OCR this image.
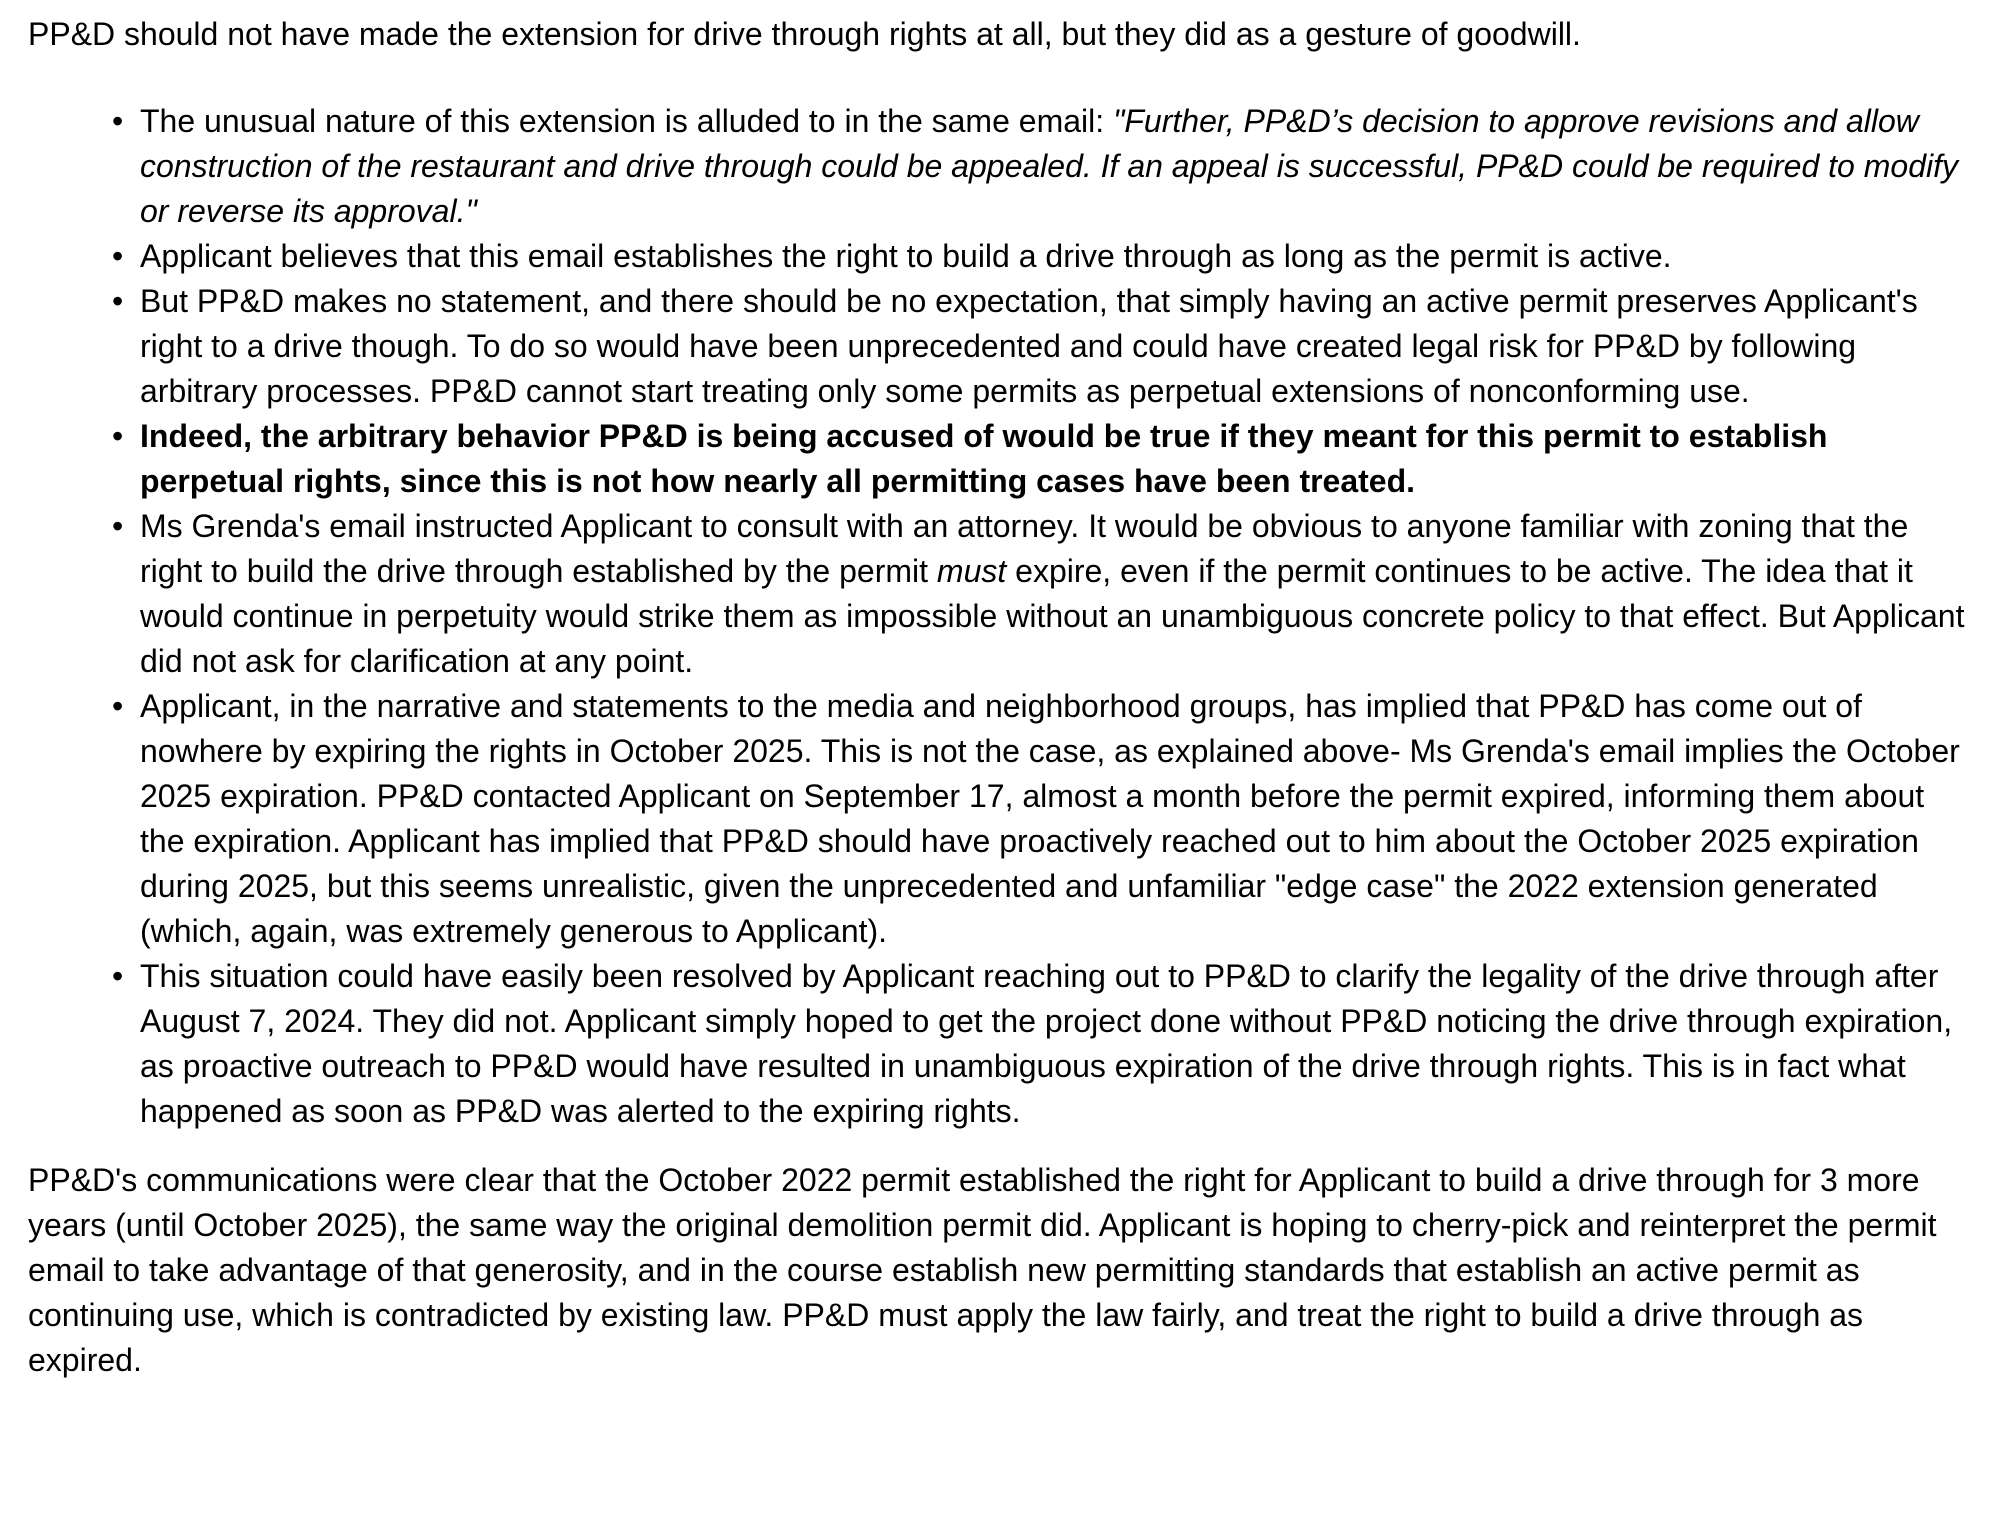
PP&D should not have made the extension for drive through rights at all, but they did as a gesture of goodwill.

• The unusual nature of this extension is alluded to in the same email: "Further, PP&D’s decision to approve revisions and allow construction of the restaurant and drive through could be appealed. If an appeal is successful, PP&D could be required to modify or reverse its approval."
• Applicant believes that this email establishes the right to build a drive through as long as the permit is active.
• But PP&D makes no statement, and there should be no expectation, that simply having an active permit preserves Applicant's right to a drive though. To do so would have been unprecedented and could have created legal risk for PP&D by following arbitrary processes. PP&D cannot start treating only some permits as perpetual extensions of nonconforming use.
• Indeed, the arbitrary behavior PP&D is being accused of would be true if they meant for this permit to establish perpetual rights, since this is not how nearly all permitting cases have been treated.
• Ms Grenda's email instructed Applicant to consult with an attorney. It would be obvious to anyone familiar with zoning that the right to build the drive through established by the permit must expire, even if the permit continues to be active. The idea that it would continue in perpetuity would strike them as impossible without an unambiguous concrete policy to that effect. But Applicant did not ask for clarification at any point.
• Applicant, in the narrative and statements to the media and neighborhood groups, has implied that PP&D has come out of nowhere by expiring the rights in October 2025. This is not the case, as explained above- Ms Grenda's email implies the October 2025 expiration. PP&D contacted Applicant on September 17, almost a month before the permit expired, informing them about the expiration. Applicant has implied that PP&D should have proactively reached out to him about the October 2025 expiration during 2025, but this seems unrealistic, given the unprecedented and unfamiliar "edge case" the 2022 extension generated (which, again, was extremely generous to Applicant).
• This situation could have easily been resolved by Applicant reaching out to PP&D to clarify the legality of the drive through after August 7, 2024. They did not. Applicant simply hoped to get the project done without PP&D noticing the drive through expiration, as proactive outreach to PP&D would have resulted in unambiguous expiration of the drive through rights. This is in fact what happened as soon as PP&D was alerted to the expiring rights.

PP&D's communications were clear that the October 2022 permit established the right for Applicant to build a drive through for 3 more years (until October 2025), the same way the original demolition permit did. Applicant is hoping to cherry-pick and reinterpret the permit email to take advantage of that generosity, and in the course establish new permitting standards that establish an active permit as continuing use, which is contradicted by existing law. PP&D must apply the law fairly, and treat the right to build a drive through as expired.
